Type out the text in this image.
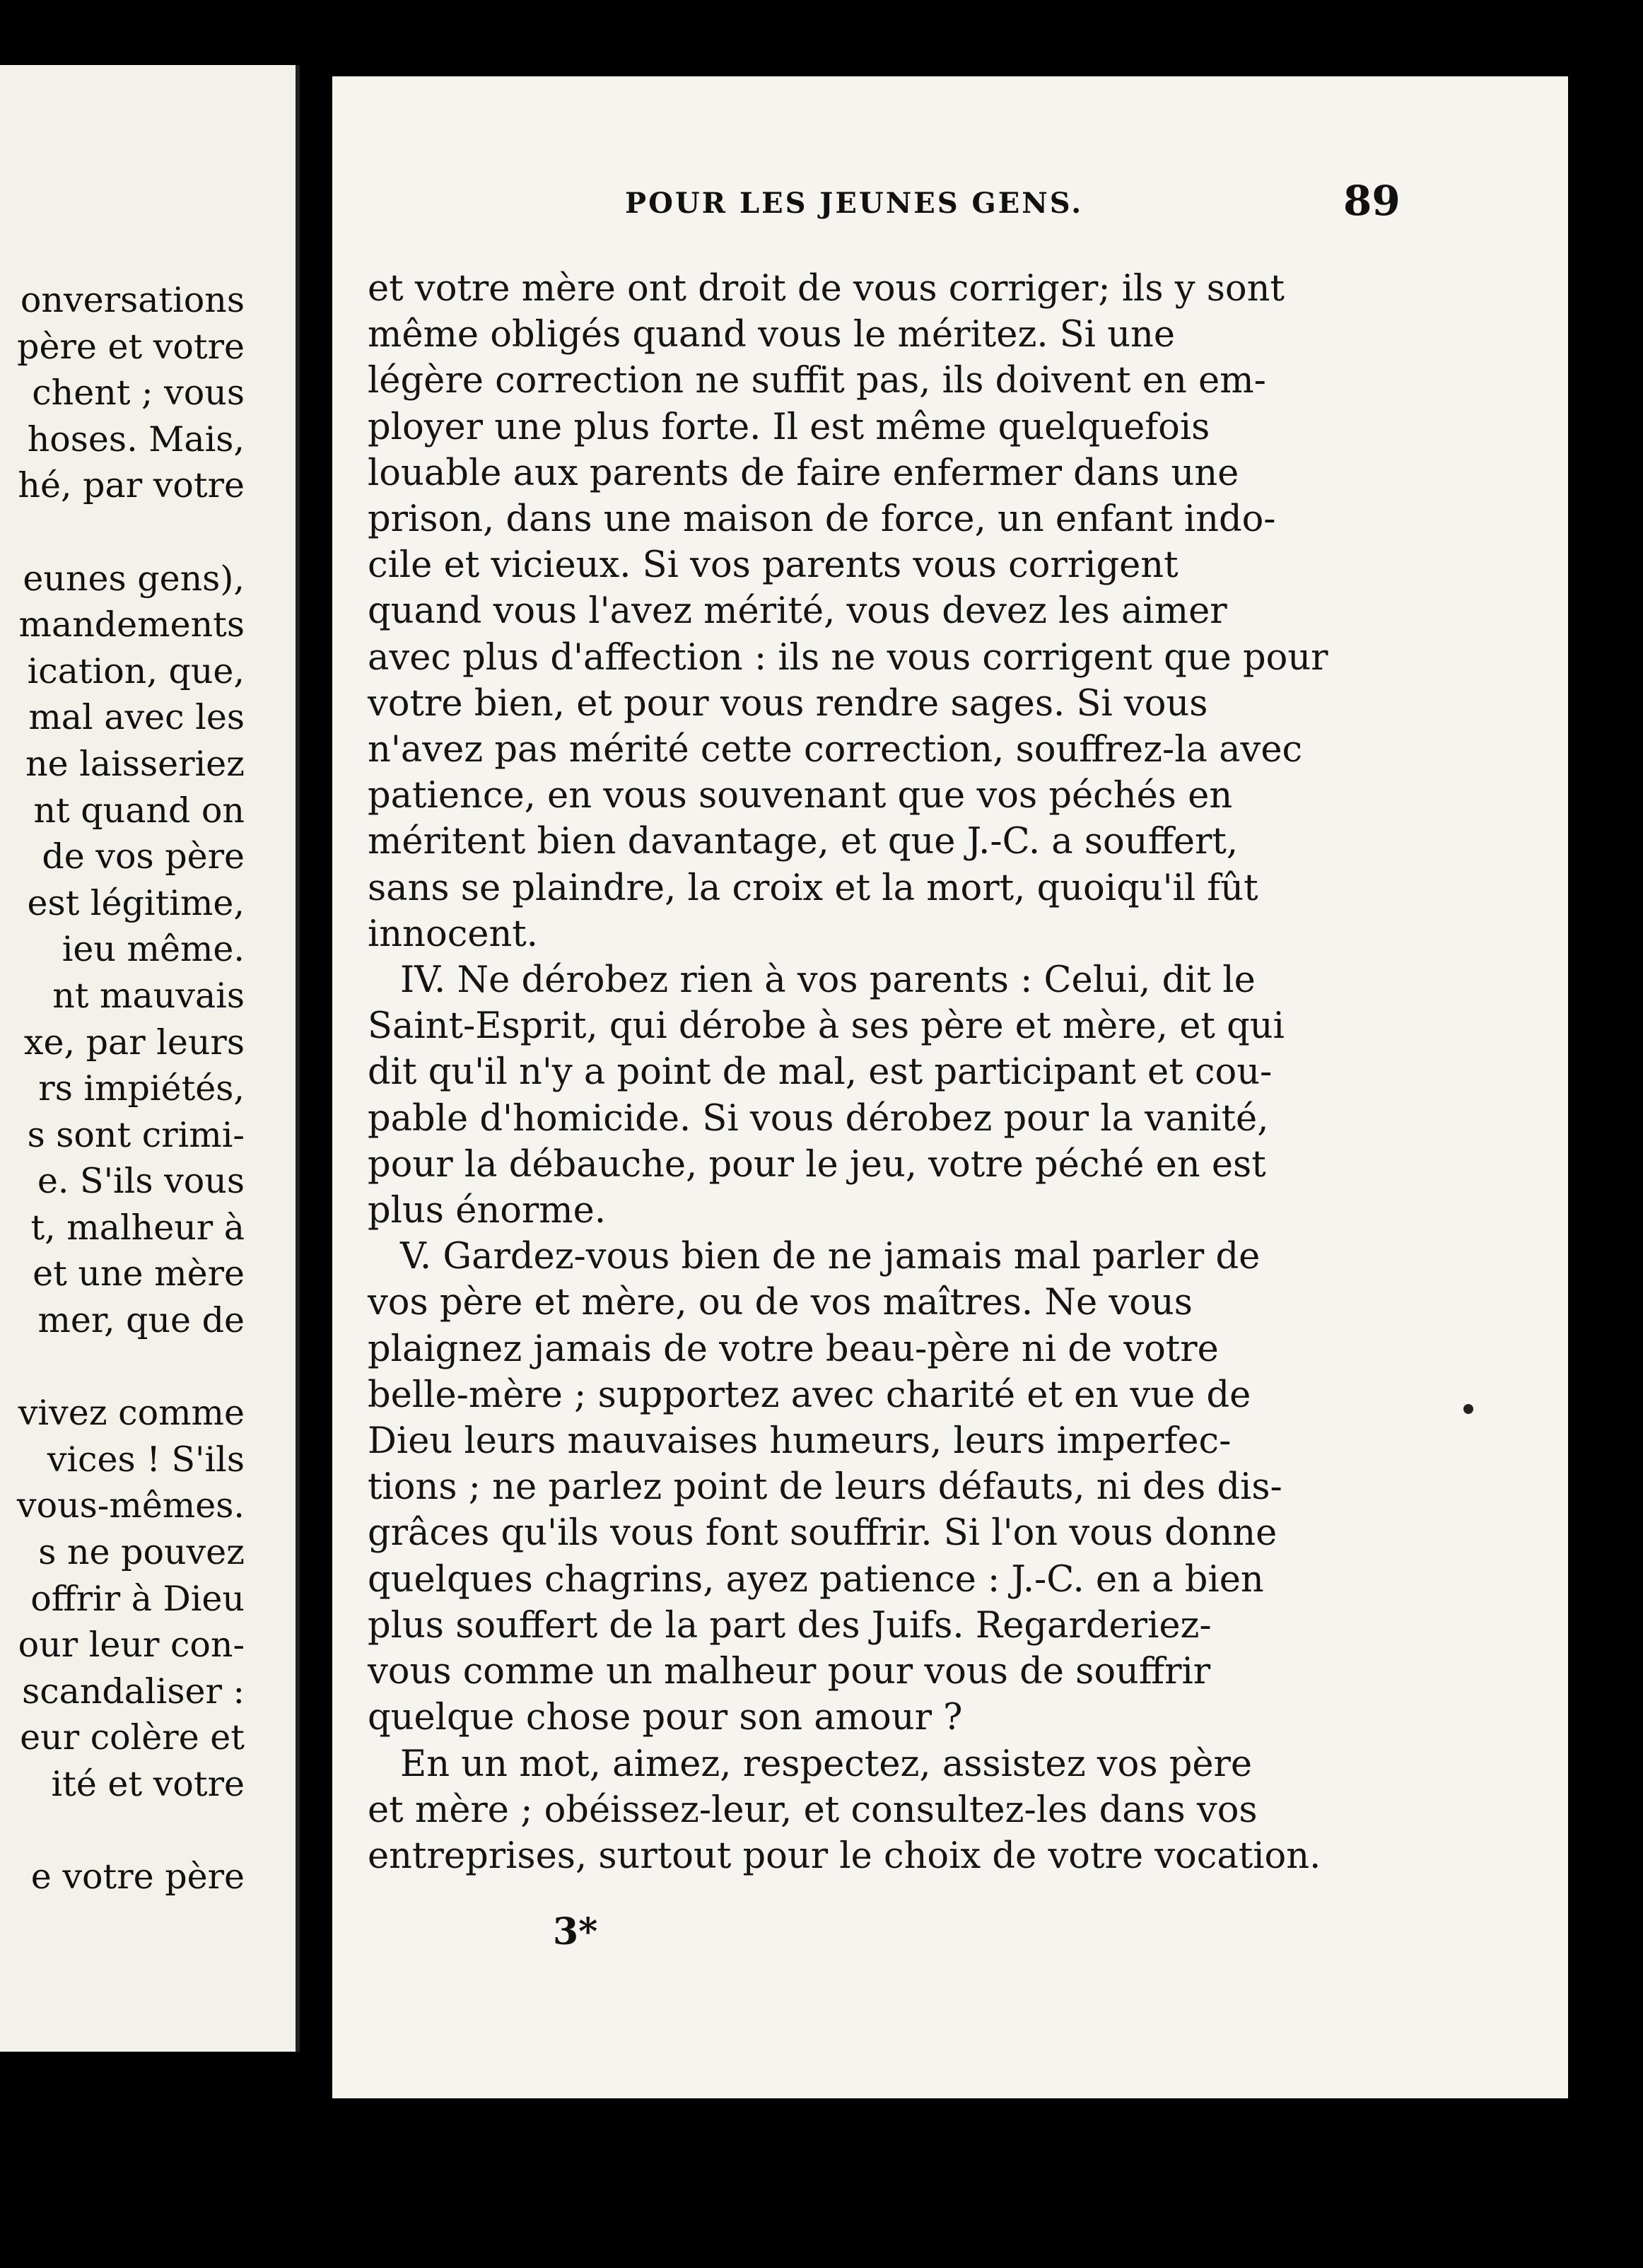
onversations
père et votre
chent ; vous
hoses. Mais,
hé, par votre

eunes gens),
mandements
ication, que,
mal avec les
ne laisseriez
nt quand on
de vos père
est légitime,
ieu même.
nt mauvais
xe, par leurs
rs impiétés,
s sont crimi-
e. S'ils vous
t, malheur à
et une mère
mer, que de

vivez comme
vices ! S'ils
vous-mêmes.
s ne pouvez
offrir à Dieu
our leur con-
scandaliser :
eur colère et
ité et votre

e votre père
POUR LES JEUNES GENS.	89
et votre mère ont droit de vous corriger; ils y sont
même obligés quand vous le méritez. Si une
légère correction ne suffit pas, ils doivent en em-
ployer une plus forte. Il est même quelquefois
louable aux parents de faire enfermer dans une
prison, dans une maison de force, un enfant indo-
cile et vicieux. Si vos parents vous corrigent
quand vous l'avez mérité, vous devez les aimer
avec plus d'affection : ils ne vous corrigent que pour
votre bien, et pour vous rendre sages. Si vous
n'avez pas mérité cette correction, souffrez-la avec
patience, en vous souvenant que vos péchés en
méritent bien davantage, et que J.-C. a souffert,
sans se plaindre, la croix et la mort, quoiqu'il fût
innocent.
IV. Ne dérobez rien à vos parents : Celui, dit le
Saint-Esprit, qui dérobe à ses père et mère, et qui
dit qu'il n'y a point de mal, est participant et cou-
pable d'homicide. Si vous dérobez pour la vanité,
pour la débauche, pour le jeu, votre péché en est
plus énorme.
V. Gardez-vous bien de ne jamais mal parler de
vos père et mère, ou de vos maîtres. Ne vous
plaignez jamais de votre beau-père ni de votre
belle-mère ; supportez avec charité et en vue de
Dieu leurs mauvaises humeurs, leurs imperfec-
tions ; ne parlez point de leurs défauts, ni des dis-
grâces qu'ils vous font souffrir. Si l'on vous donne
quelques chagrins, ayez patience : J.-C. en a bien
plus souffert de la part des Juifs. Regarderiez-
vous comme un malheur pour vous de souffrir
quelque chose pour son amour ?
En un mot, aimez, respectez, assistez vos père
et mère ; obéissez-leur, et consultez-les dans vos
entreprises, surtout pour le choix de votre vocation.
3*
